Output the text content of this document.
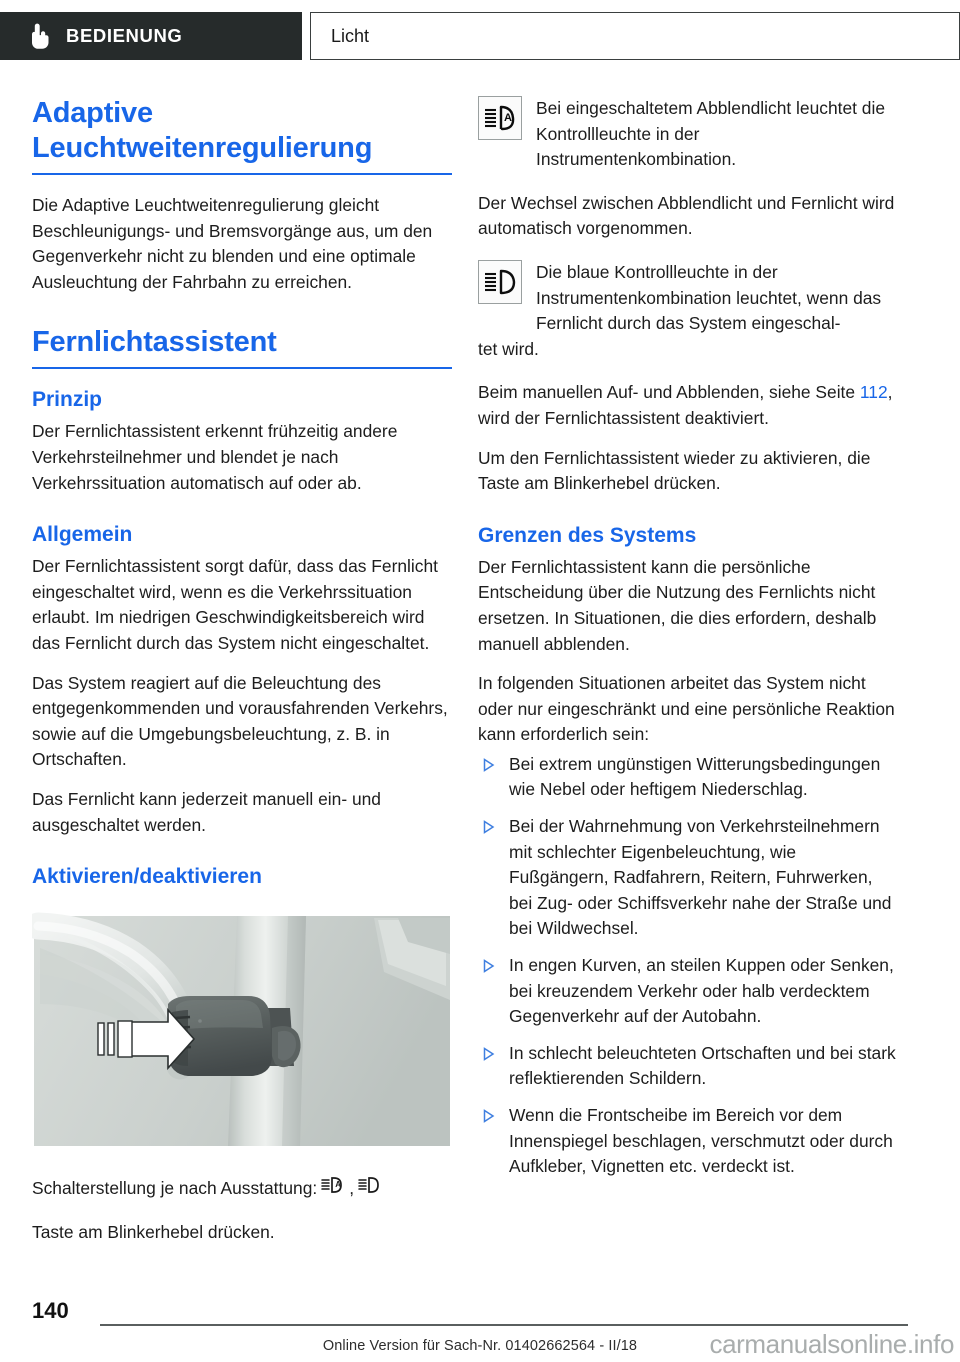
BEDIENUNG	Licht
Adaptive Leuchtweitenregulierung

Die Adaptive Leuchtweitenregulierung gleicht Beschleunigungs- und Bremsvorgänge aus, um den Gegenverkehr nicht zu blenden und eine optimale Ausleuchtung der Fahrbahn zu erreichen.

Fernlichtassistent
Prinzip

Der Fernlichtassistent erkennt frühzeitig andere Verkehrsteilnehmer und blendet je nach Verkehrssituation automatisch auf oder ab.

Allgemein

Der Fernlichtassistent sorgt dafür, dass das Fernlicht eingeschaltet wird, wenn es die Verkehrssituation erlaubt. Im niedrigen Geschwindigkeitsbereich wird das Fernlicht durch das System nicht eingeschaltet.

Das System reagiert auf die Beleuchtung des entgegenkommenden und vorausfahrenden Verkehrs, sowie auf die Umgebungsbeleuchtung, z. B. in Ortschaften.

Das Fernlicht kann jederzeit manuell ein- und ausgeschaltet werden.

Aktivieren/deaktivieren
Schalterstellung je nach Ausstattung: A ,
Taste am Blinkerhebel drücken.
A Bei eingeschaltetem Abblendlicht leuchtet die Kontrollleuchte in der Instrumentenkombination.

Der Wechsel zwischen Abblendlicht und Fernlicht wird automatisch vorgenommen.

Die blaue Kontrollleuchte in der Instrumentenkombination leuchtet, wenn das Fernlicht durch das System eingeschal-
tet wird.

Beim manuellen Auf- und Abblenden, siehe Seite 112, wird der Fernlichtassistent deaktiviert.

Um den Fernlichtassistent wieder zu aktivieren, die Taste am Blinkerhebel drücken.

Grenzen des Systems

Der Fernlichtassistent kann die persönliche Entscheidung über die Nutzung des Fernlichts nicht ersetzen. In Situationen, die dies erfordern, deshalb manuell abblenden.

In folgenden Situationen arbeitet das System nicht oder nur eingeschränkt und eine persönliche Reaktion kann erforderlich sein:

Bei extrem ungünstigen Witterungsbedingungen wie Nebel oder heftigem Niederschlag.
Bei der Wahrnehmung von Verkehrsteilnehmern mit schlechter Eigenbeleuchtung, wie Fußgängern, Radfahrern, Reitern, Fuhrwerken, bei Zug- oder Schiffsverkehr nahe der Straße und bei Wildwechsel.
In engen Kurven, an steilen Kuppen oder Senken, bei kreuzendem Verkehr oder halb verdecktem Gegenverkehr auf der Autobahn.
In schlecht beleuchteten Ortschaften und bei stark reflektierenden Schildern.
Wenn die Frontscheibe im Bereich vor dem Innenspiegel beschlagen, verschmutzt oder durch Aufkleber, Vignetten etc. verdeckt ist.
140
Online Version für Sach-Nr. 01402662564 - II/18	carmanualsonline.info
